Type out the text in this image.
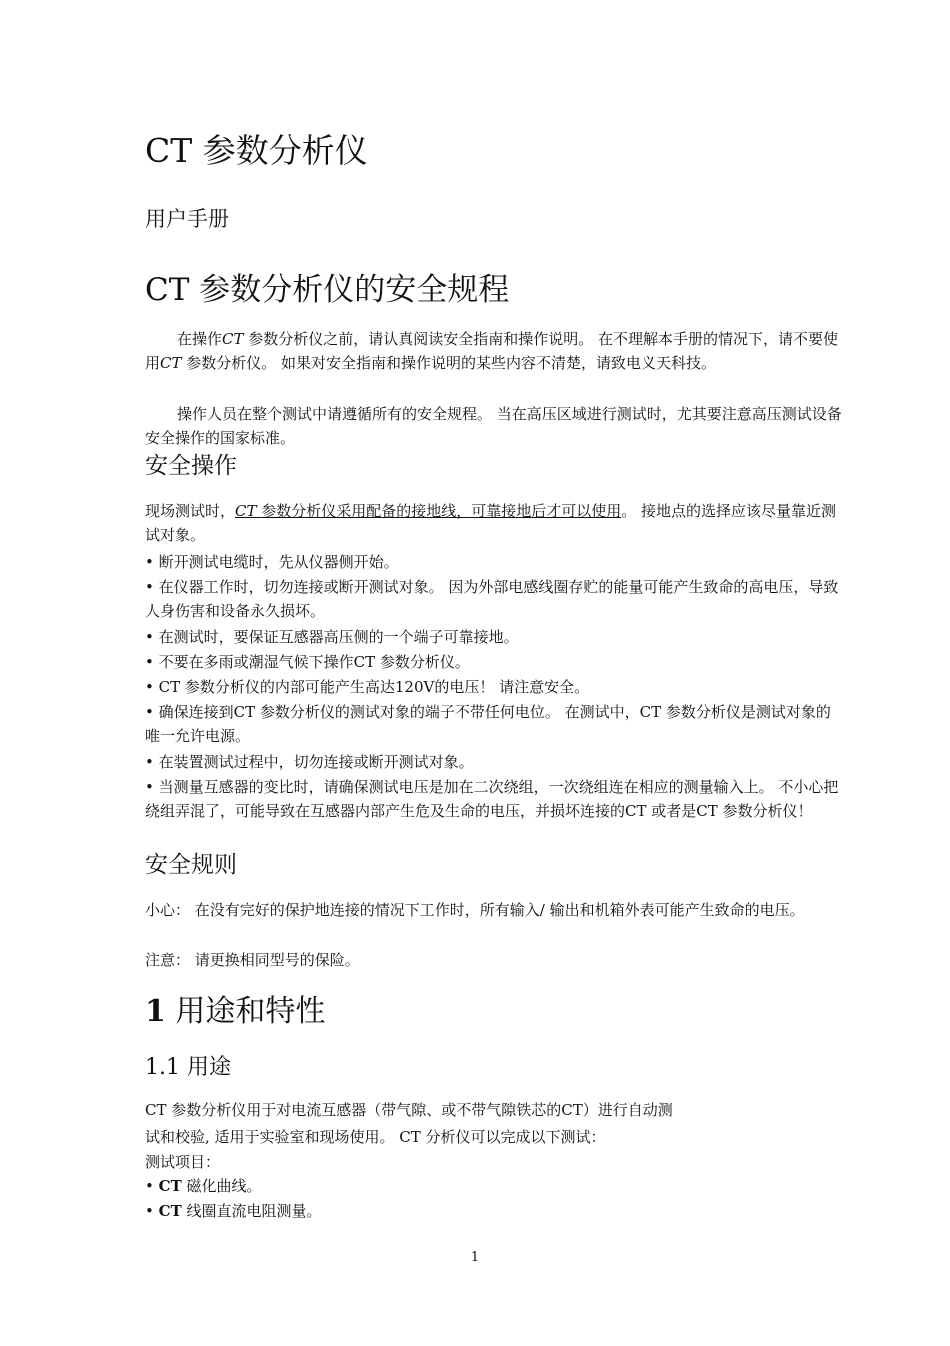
CT 参数分析仪
用户手册
CT 参数分析仪的安全规程

在操作CT 参数分析仪之前，请认真阅读安全指南和操作说明。 在不理解本手册的情况下，请不要使用CT 参数分析仪。 如果对安全指南和操作说明的某些内容不清楚，请致电义天科技。

操作人员在整个测试中请遵循所有的安全规程。 当在高压区域进行测试时，尤其要注意高压测试设备安全操作的国家标准。

安全操作

现场测试时，CT 参数分析仪采用配备的接地线，可靠接地后才可以使用。 接地点的选择应该尽量靠近测试对象。

• 断开测试电缆时，先从仪器侧开始。

• 在仪器工作时，切勿连接或断开测试对象。 因为外部电感线圈存贮的能量可能产生致命的高电压，导致人身伤害和设备永久损坏。

• 在测试时，要保证互感器高压侧的一个端子可靠接地。

• 不要在多雨或潮湿气候下操作CT 参数分析仪。

• CT 参数分析仪的内部可能产生高达120V的电压！ 请注意安全。

• 确保连接到CT 参数分析仪的测试对象的端子不带任何电位。 在测试中，CT 参数分析仪是测试对象的唯一允许电源。

• 在装置测试过程中，切勿连接或断开测试对象。

• 当测量互感器的变比时，请确保测试电压是加在二次绕组，一次绕组连在相应的测量输入上。 不小心把绕组弄混了，可能导致在互感器内部产生危及生命的电压，并损坏连接的CT 或者是CT 参数分析仪！

安全规则

小心： 在没有完好的保护地连接的情况下工作时，所有输入/ 输出和机箱外表可能产生致命的电压。

注意： 请更换相同型号的保险。

1 用途和特性
1.1 用途

CT 参数分析仪用于对电流互感器（带气隙、或不带气隙铁芯的CT）进行自动测

试和校验, 适用于实验室和现场使用。 CT 分析仪可以完成以下测试：

测试项目：

• CT 磁化曲线。

• CT 线圈直流电阻测量。

1
